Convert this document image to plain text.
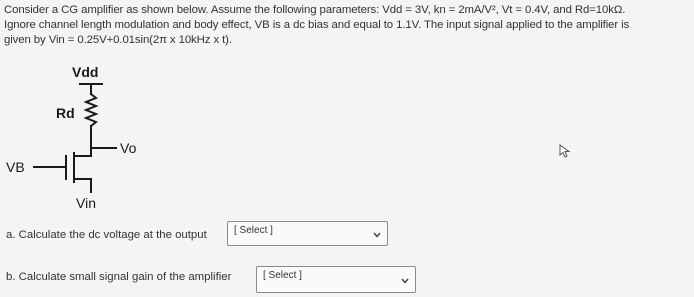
Consider a CG amplifier as shown below. Assume the following parameters: Vdd = 3V, kn = 2mA/V², Vt = 0.4V, and Rd=10kΩ.
Ignore channel length modulation and body effect, VB is a dc bias and equal to 1.1V. The input signal applied to the amplifier is
given by Vin = 0.25V+0.01sin(2π x 10kHz x t).
Vdd
Rd
Vo
VB
Vin
a. Calculate the dc voltage at the output	[ Select ]
b. Calculate small signal gain of the amplifier	[ Select ]
